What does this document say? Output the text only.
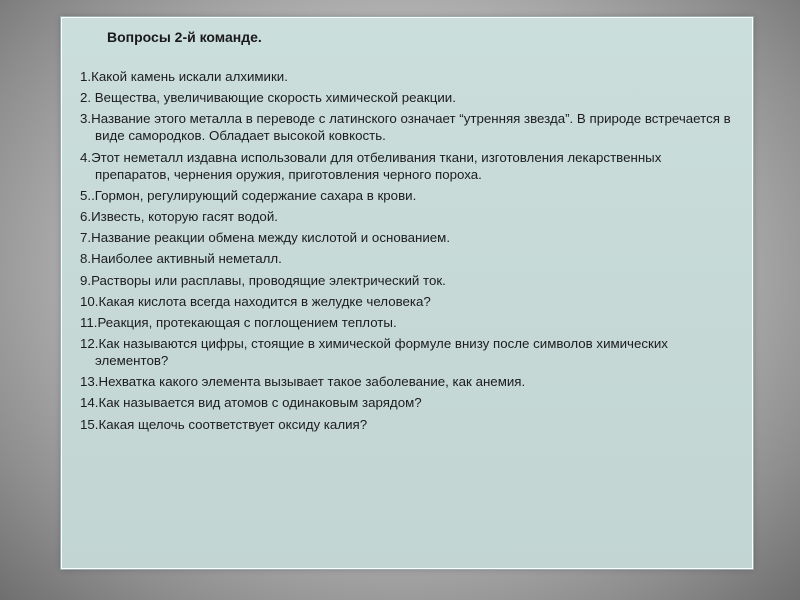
Вопросы 2-й команде.
1.Какой камень искали алхимики.
2. Вещества, увеличивающие скорость химической реакции.
3.Название этого металла в переводе с латинского означает “утренняя звезда”. В природе встречается в виде самородков. Обладает высокой ковкость.
4.Этот неметалл издавна использовали для отбеливания ткани, изготовления лекарственных препаратов, чернения оружия, приготовления черного пороха.
5..Гормон, регулирующий содержание сахара в крови.
6.Известь, которую гасят водой.
7.Название реакции обмена между кислотой и основанием.
8.Наиболее активный неметалл.
9.Растворы или расплавы, проводящие электрический ток.
10.Какая кислота всегда находится в желудке человека?
11.Реакция, протекающая с поглощением теплоты.
12.Как называются цифры, стоящие в химической формуле внизу после символов химических элементов?
13.Нехватка какого элемента вызывает такое заболевание, как анемия.
14.Как называется вид атомов с одинаковым зарядом?
15.Какая щелочь соответствует оксиду калия?
